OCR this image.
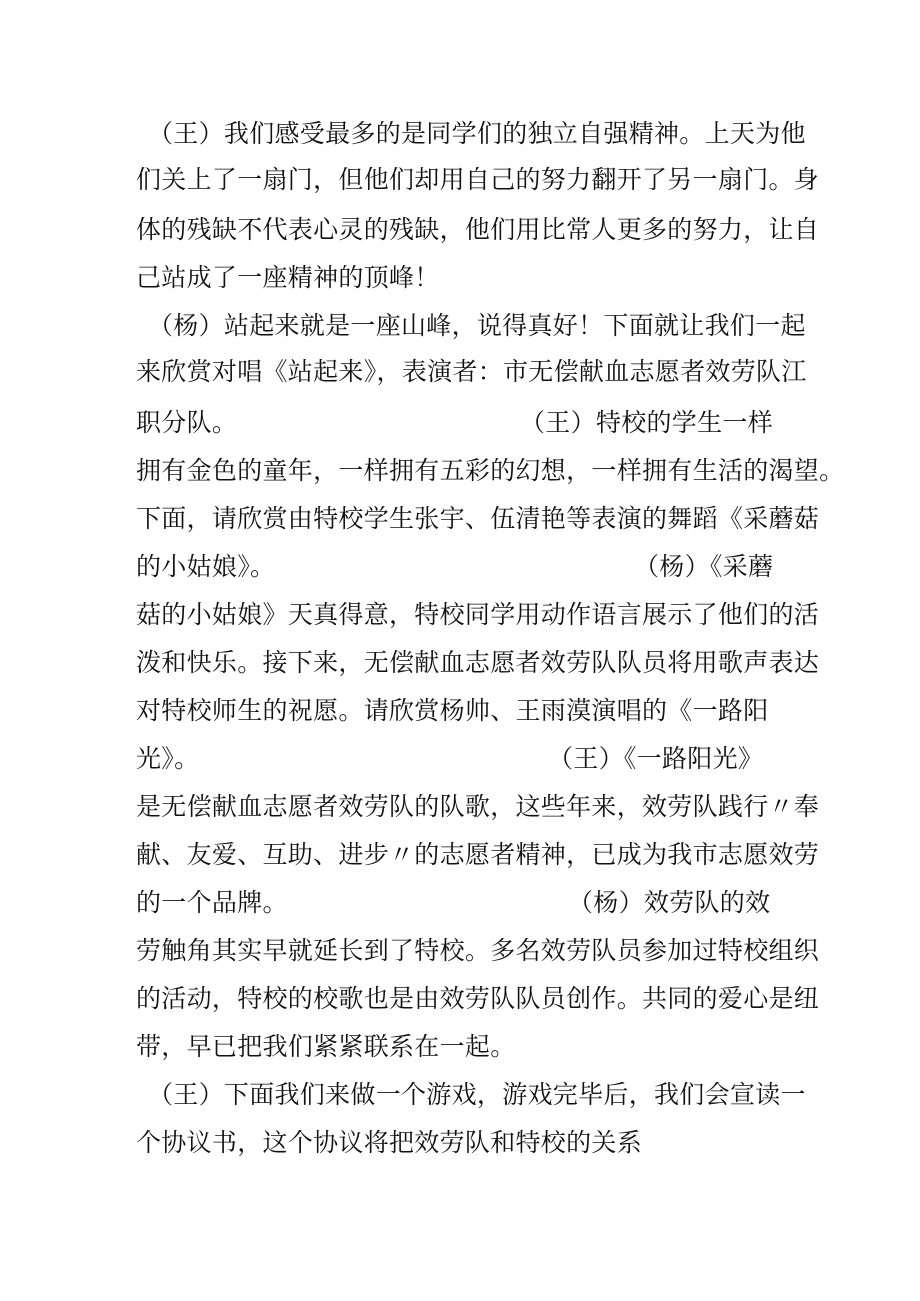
（王）我们感受最多的是同学们的独立自强精神。上天为他
们关上了一扇门，但他们却用自己的努力翻开了另一扇门。身
体的残缺不代表心灵的残缺，他们用比常人更多的努力，让自
己站成了一座精神的顶峰！
（杨）站起来就是一座山峰，说得真好！下面就让我们一起
来欣赏对唱《站起来》，表演者：市无偿献血志愿者效劳队江
职分队。	（王）特校的学生一样
拥有金色的童年，一样拥有五彩的幻想，一样拥有生活的渴望。
下面，请欣赏由特校学生张宇、伍清艳等表演的舞蹈《采蘑菇
的小姑娘》。	（杨）《采蘑
菇的小姑娘》天真得意，特校同学用动作语言展示了他们的活
泼和快乐。接下来，无偿献血志愿者效劳队队员将用歌声表达
对特校师生的祝愿。请欣赏杨帅、王雨漠演唱的《一路阳
光》。	（王）《一路阳光》
是无偿献血志愿者效劳队的队歌，这些年来，效劳队践行〃奉
献、友爱、互助、进步〃的志愿者精神，已成为我市志愿效劳
的一个品牌。	（杨）效劳队的效
劳触角其实早就延长到了特校。多名效劳队员参加过特校组织
的活动，特校的校歌也是由效劳队队员创作。共同的爱心是纽
带，早已把我们紧紧联系在一起。
（王）下面我们来做一个游戏，游戏完毕后，我们会宣读一
个协议书，这个协议将把效劳队和特校的关系
